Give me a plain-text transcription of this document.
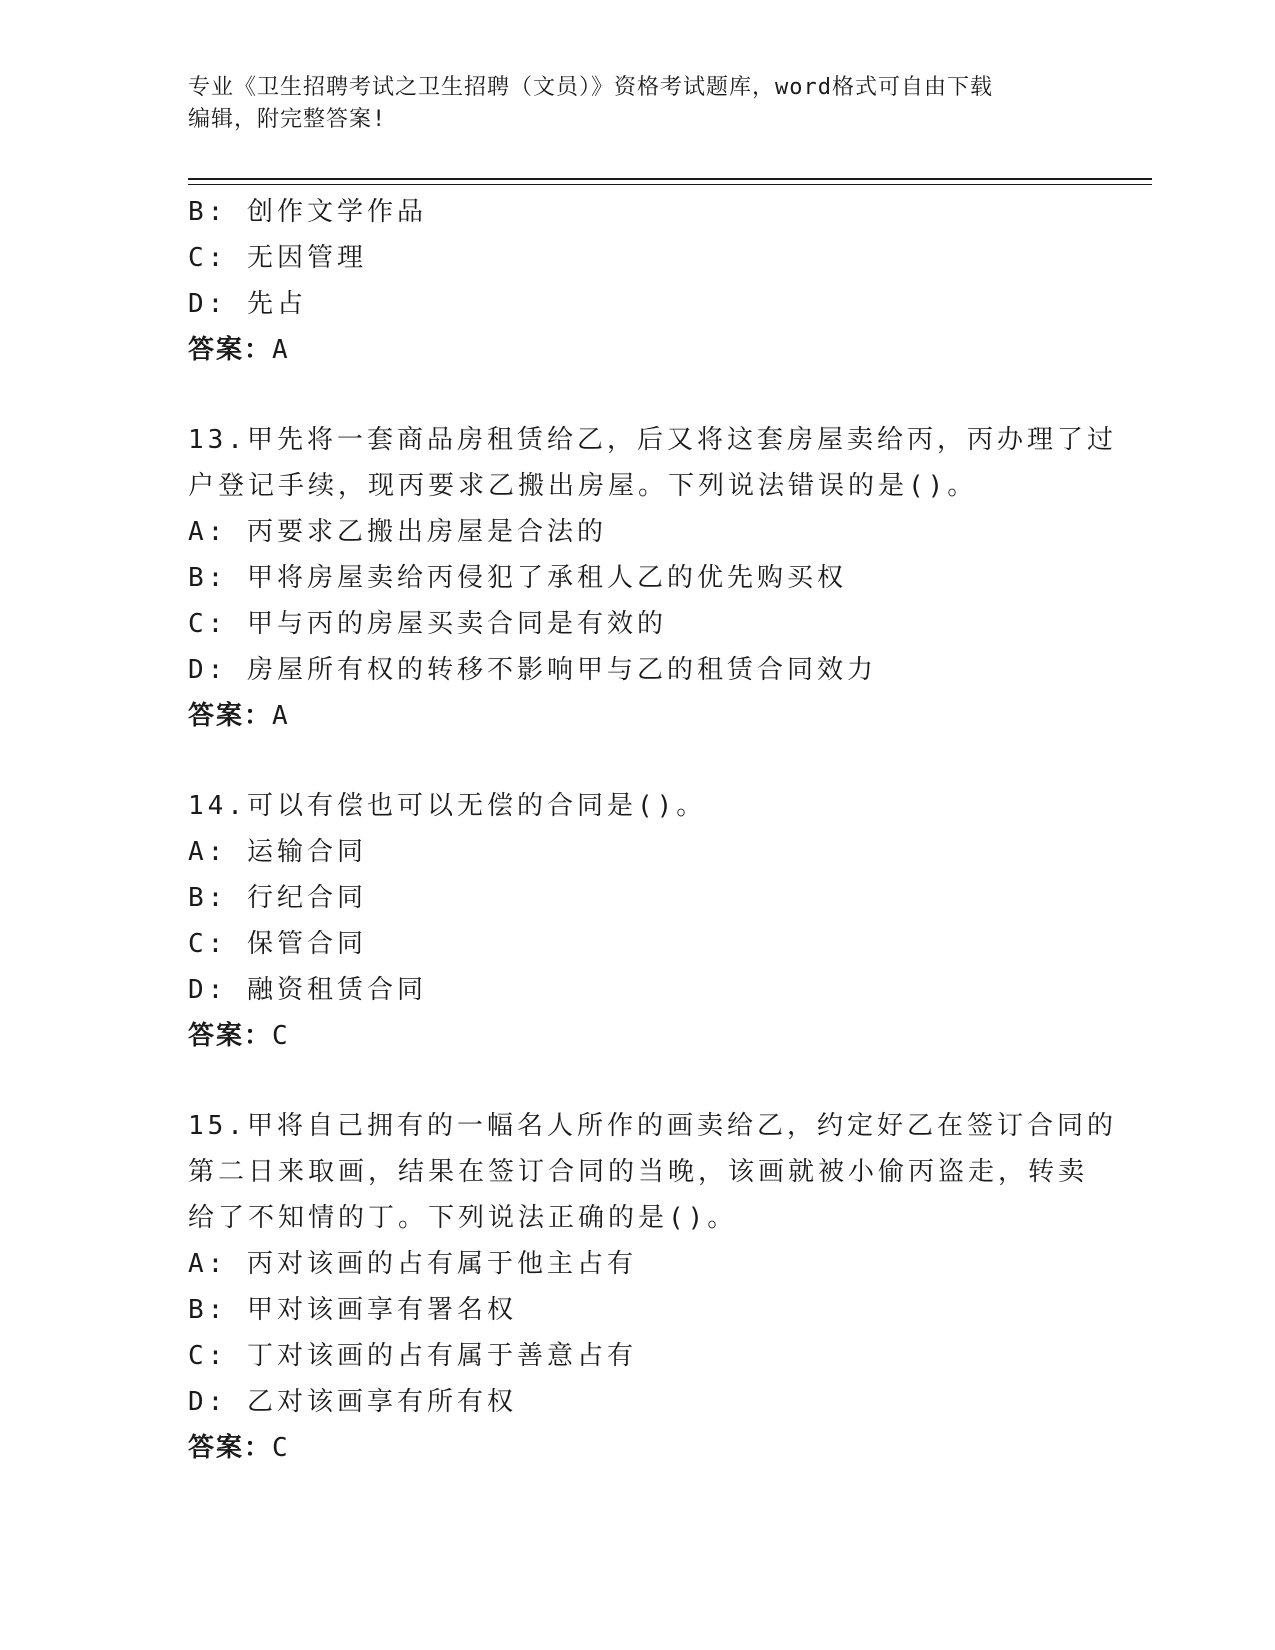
专业《卫生招聘考试之卫生招聘（文员）》资格考试题库，word格式可自由下载
编辑，附完整答案!
B: 创作文学作品
C: 无因管理
D: 先占
答案：A
13.甲先将一套商品房租赁给乙，后又将这套房屋卖给丙，丙办理了过
户登记手续，现丙要求乙搬出房屋。下列说法错误的是()。
A: 丙要求乙搬出房屋是合法的
B: 甲将房屋卖给丙侵犯了承租人乙的优先购买权
C: 甲与丙的房屋买卖合同是有效的
D: 房屋所有权的转移不影响甲与乙的租赁合同效力
答案：A
14.可以有偿也可以无偿的合同是()。
A: 运输合同
B: 行纪合同
C: 保管合同
D: 融资租赁合同
答案：C
15.甲将自己拥有的一幅名人所作的画卖给乙，约定好乙在签订合同的
第二日来取画，结果在签订合同的当晚，该画就被小偷丙盗走，转卖
给了不知情的丁。下列说法正确的是()。
A: 丙对该画的占有属于他主占有
B: 甲对该画享有署名权
C: 丁对该画的占有属于善意占有
D: 乙对该画享有所有权
答案：C
